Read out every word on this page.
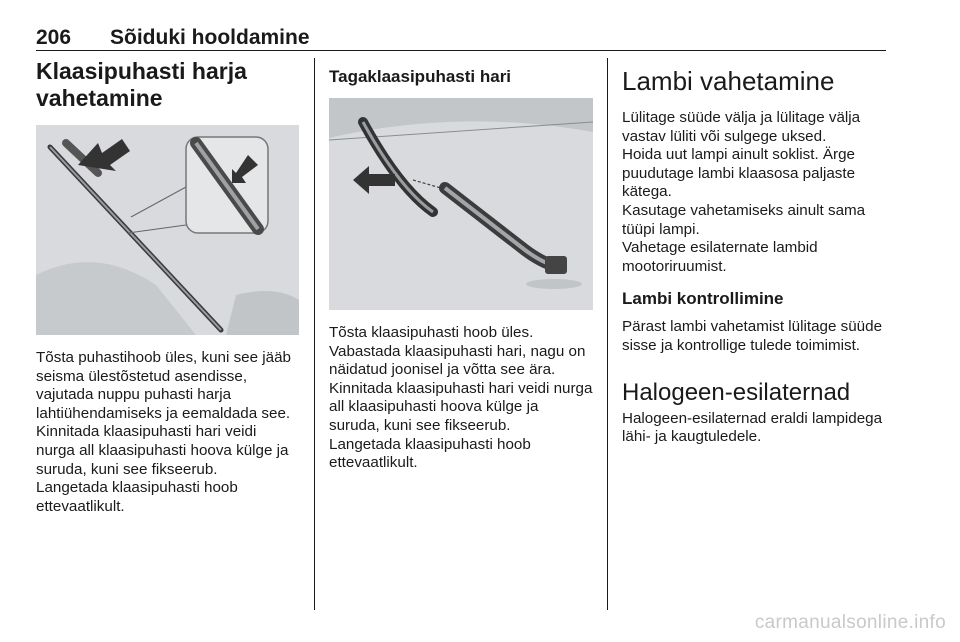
206 Sõiduki hooldamine
Klaasipuhasti harja
vahetamine

Tõsta puhastihoob üles, kuni see jääb seisma ülestõstetud asendisse, vajutada nuppu puhasti harja lahtiühendamiseks ja eemaldada see.

Kinnitada klaasipuhasti hari veidi nurga all klaasipuhasti hoova külge ja suruda, kuni see fikseerub.

Langetada klaasipuhasti hoob ettevaatlikult.

Tagaklaasipuhasti hari

Tõsta klaasipuhasti hoob üles. Vabastada klaasipuhasti hari, nagu on näidatud joonisel ja võtta see ära.

Kinnitada klaasipuhasti hari veidi nurga all klaasipuhasti hoova külge ja suruda, kuni see fikseerub.

Langetada klaasipuhasti hoob ettevaatlikult.

Lambi vahetamine

Lülitage süüde välja ja lülitage välja vastav lüliti või sulgege uksed.

Hoida uut lampi ainult soklist. Ärge puudutage lambi klaasosa paljaste kätega.

Kasutage vahetamiseks ainult sama tüüpi lampi.

Vahetage esilaternate lambid mootoriruumist.

Lambi kontrollimine

Pärast lambi vahetamist lülitage süüde sisse ja kontrollige tulede toimimist.

Halogeen-esilaternad

Halogeen-esilaternad eraldi lampidega lähi- ja kaugtuledele.

carmanualsonline.info
